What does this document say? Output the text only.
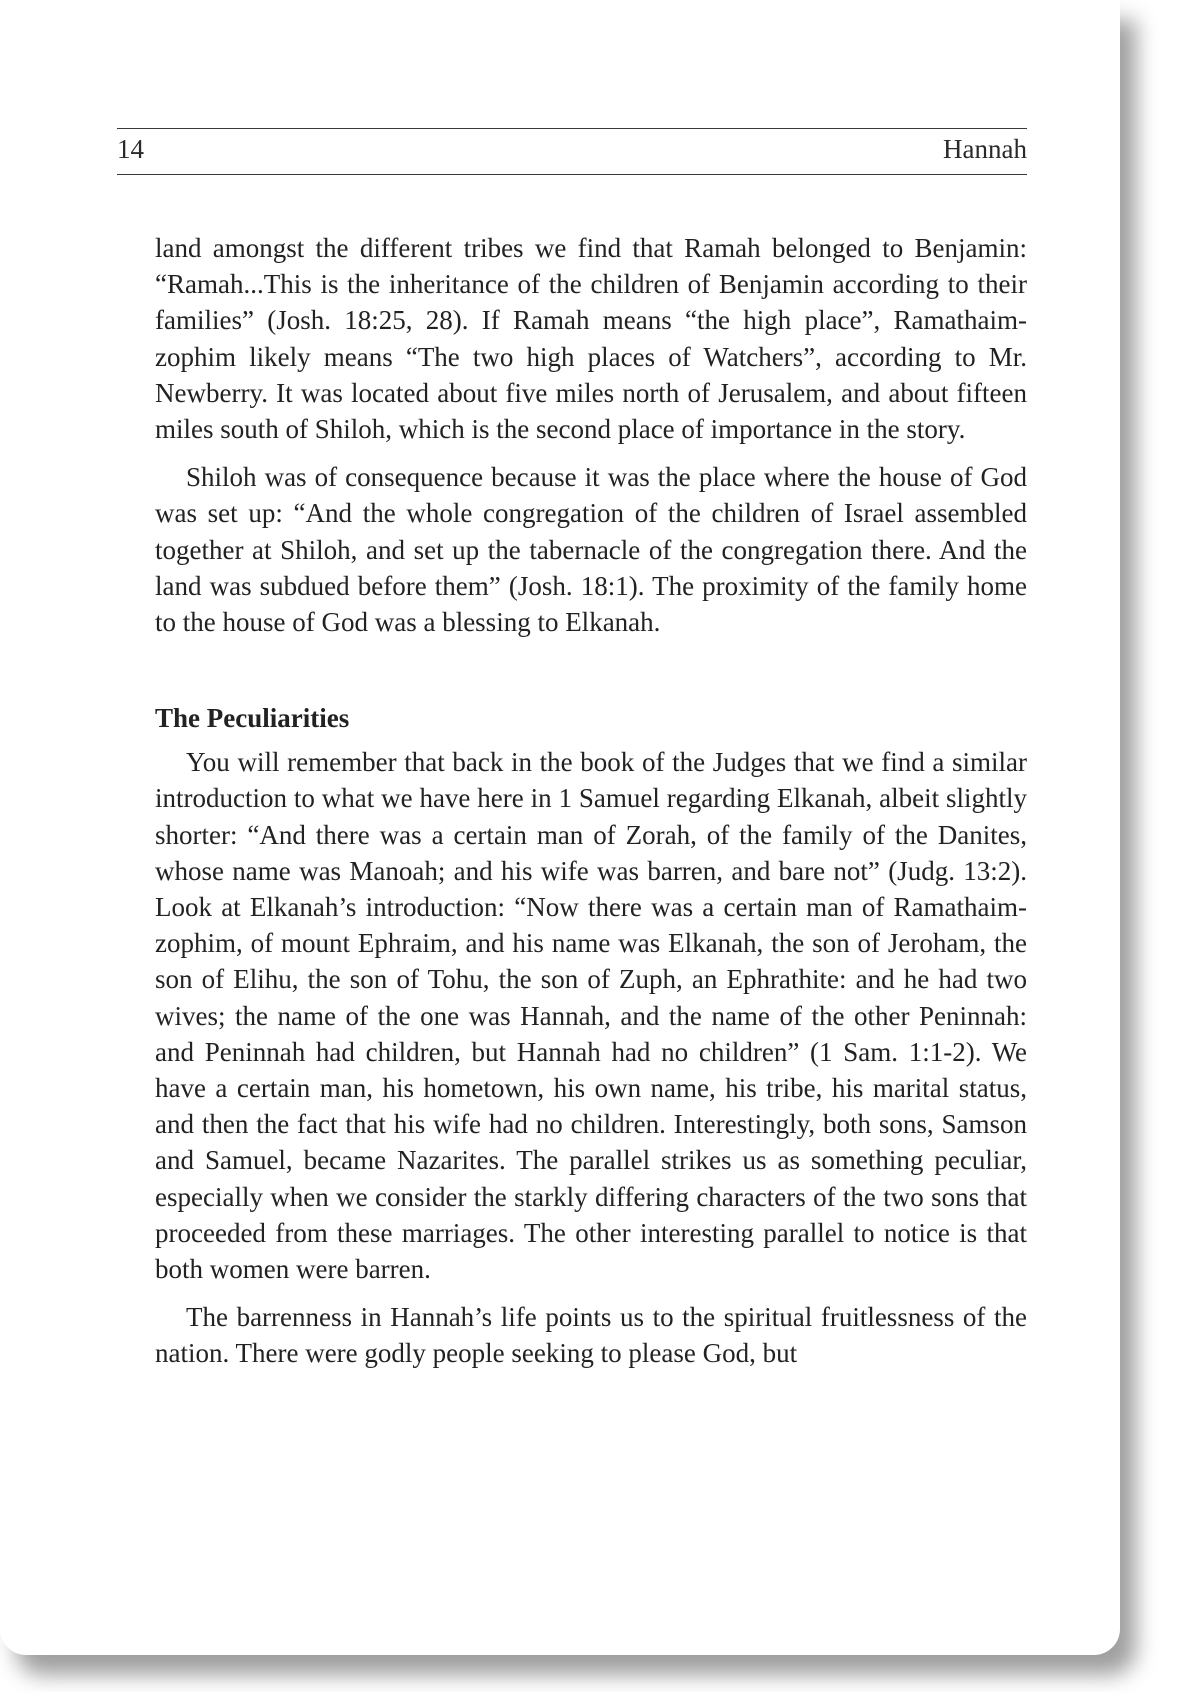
14	Hannah

land amongst the different tribes we find that Ramah belonged to Benjamin: “Ramah...This is the inheritance of the children of Benjamin according to their families” (Josh. 18:25, 28). If Ramah means “the high place”, Ramathaim-zophim likely means “The two high places of Watchers”, according to Mr. Newberry. It was located about five miles north of Jerusalem, and about fifteen miles south of Shiloh, which is the second place of importance in the story.

Shiloh was of consequence because it was the place where the house of God was set up: “And the whole congregation of the children of Israel assembled together at Shiloh, and set up the tabernacle of the congregation there. And the land was subdued before them” (Josh. 18:1). The proximity of the family home to the house of God was a blessing to Elkanah.

The Peculiarities

You will remember that back in the book of the Judges that we find a similar introduction to what we have here in 1 Samuel regarding Elkanah, albeit slightly shorter: “And there was a certain man of Zorah, of the family of the Danites, whose name was Manoah; and his wife was barren, and bare not” (Judg. 13:2). Look at Elkanah’s introduction: “Now there was a certain man of Ramathaim-zophim, of mount Ephraim, and his name was Elkanah, the son of Jeroham, the son of Elihu, the son of Tohu, the son of Zuph, an Ephrathite: and he had two wives; the name of the one was Hannah, and the name of the other Peninnah: and Peninnah had children, but Hannah had no children” (1 Sam. 1:1-2). We have a certain man, his hometown, his own name, his tribe, his marital status, and then the fact that his wife had no children. Interestingly, both sons, Samson and Samuel, became Nazarites. The parallel strikes us as something peculiar, especially when we consider the starkly differing characters of the two sons that proceeded from these marriages. The other interesting parallel to notice is that both women were barren.

The barrenness in Hannah’s life points us to the spiritual fruitlessness of the nation. There were godly people seeking to please God, but
